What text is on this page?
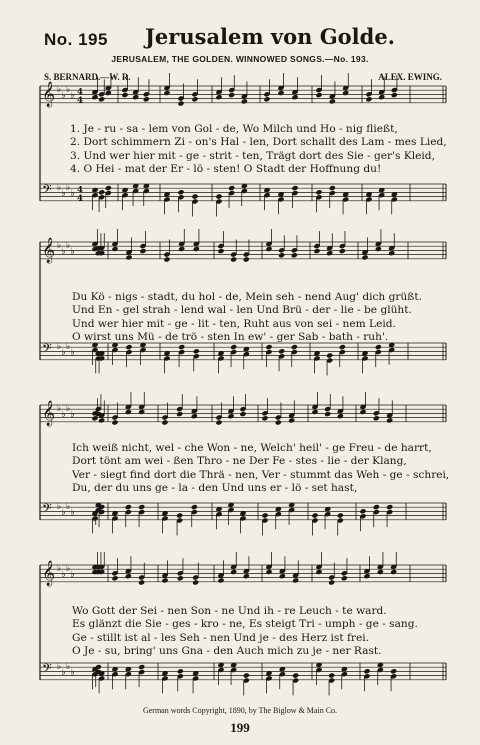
No. 195	Jerusalem von Golde.
JERUSALEM, THE GOLDEN. WINNOWED SONGS.—No. 193.
S. BERNARD.—W. R.	ALEX. EWING.
𝄞 ♭
♭
♭
♭ 4
4
𝄢 ♭
♭
♭
♭ 4
4
𝄞 ♭
♭
♭
♭
𝄢 ♭
♭
♭
♭
𝄞 ♭
♭
♭
♭
𝄢 ♭
♭
♭
♭
𝄞 ♭
♭
♭
♭
𝄢 ♭
♭
♭
♭
1. Je - ru - sa - lem von Gol - de, Wo Milch und Ho - nig fließt,
2. Dort schimmern Zi - on's Hal - len, Dort schallt des Lam - mes Lied,
3. Und wer hier mit - ge - strit - ten, Trägt dort des Sie - ger's Kleid,
4. O Hei - mat der Er - lö - sten! O Stadt der Hoffnung du!
Du Kö - nigs - stadt, du hol - de, Mein seh - nend Aug' dich grüßt.
Und En - gel strah - lend wal - len Und Brü - der - lie - be glüht.
Und wer hier mit - ge - lit - ten, Ruht aus von sei - nem Leid.
O wirst uns Mü - de trö - sten In ew' - ger Sab - bath - ruh'.
Ich weiß nicht, wel - che Won - ne, Welch' heil' - ge Freu - de harrt,
Dort tönt am wei - ßen Thro - ne Der Fe - stes - lie - der Klang,
Ver - siegt find dort die Thrä - nen, Ver - stummt das Weh - ge - schrei,
Du, der du uns ge - la - den Und uns er - lö - set hast,
Wo Gott der Sei - nen Son - ne Und ih - re Leuch - te ward.
Es glänzt die Sie - ges - kro - ne, Es steigt Tri - umph - ge - sang.
Ge - stillt ist al - les Seh - nen Und je - des Herz ist frei.
O Je - su, bring' uns Gna - den Auch mich zu je - ner Rast.
German words Copyright, 1890, by The Biglow & Main Co.
199
